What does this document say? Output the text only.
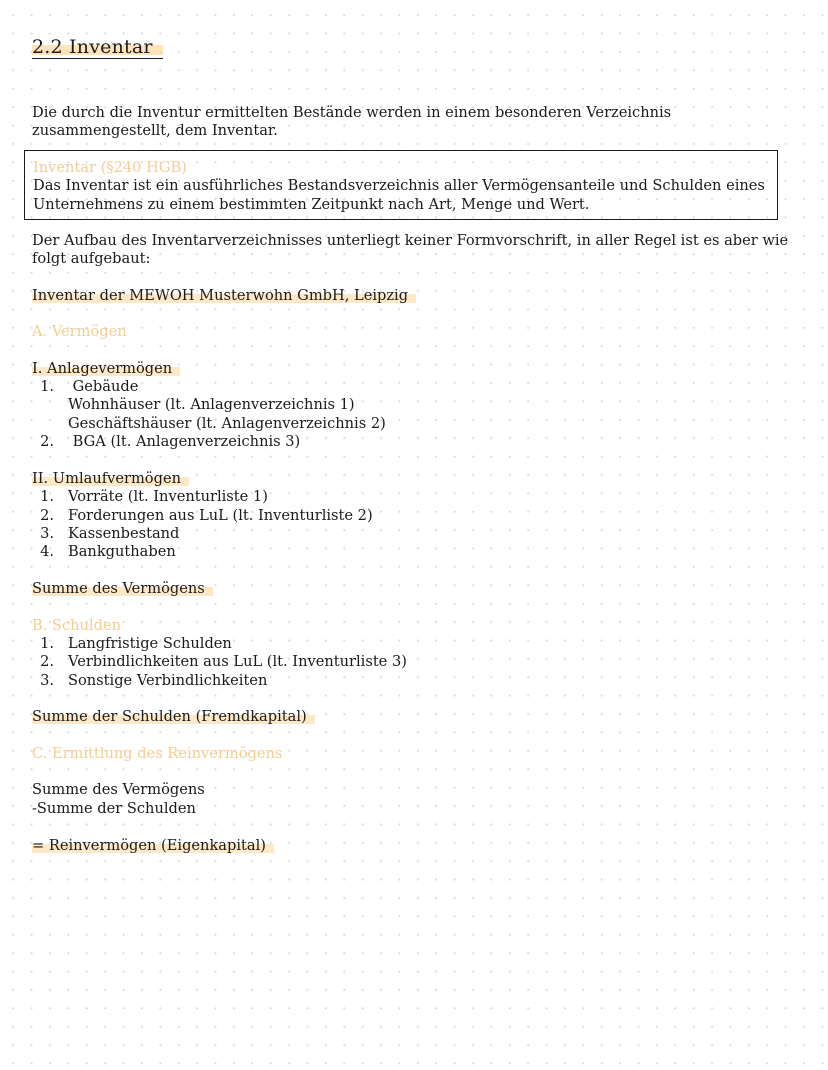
2.2 Inventar
Die durch die Inventur ermittelten Bestände werden in einem besonderen Verzeichnis zusammengestellt, dem Inventar.
Inventar (§240 HGB)
Das Inventar ist ein ausführliches Bestandsverzeichnis aller Vermögensanteile und Schulden eines
Unternehmens zu einem bestimmten Zeitpunkt nach Art, Menge und Wert.
Der Aufbau des Inventarverzeichnisses unterliegt keiner Formvorschrift, in aller Regel ist es aber wie folgt aufgebaut:
Inventar der MEWOH Musterwohn GmbH, Leipzig
A. Vermögen
I. Anlagevermögen
1. Gebäude
Wohnhäuser (lt. Anlagenverzeichnis 1)
Geschäftshäuser (lt. Anlagenverzeichnis 2)
2. BGA (lt. Anlagenverzeichnis 3)
II. Umlaufvermögen
1. Vorräte (lt. Inventurliste 1)
2. Forderungen aus LuL (lt. Inventurliste 2)
3. Kassenbestand
4. Bankguthaben
Summe des Vermögens
B. Schulden
1. Langfristige Schulden
2. Verbindlichkeiten aus LuL (lt. Inventurliste 3)
3. Sonstige Verbindlichkeiten
Summe der Schulden (Fremdkapital)
C. Ermittlung des Reinvermögens
Summe des Vermögens
-Summe der Schulden
= Reinvermögen (Eigenkapital)
